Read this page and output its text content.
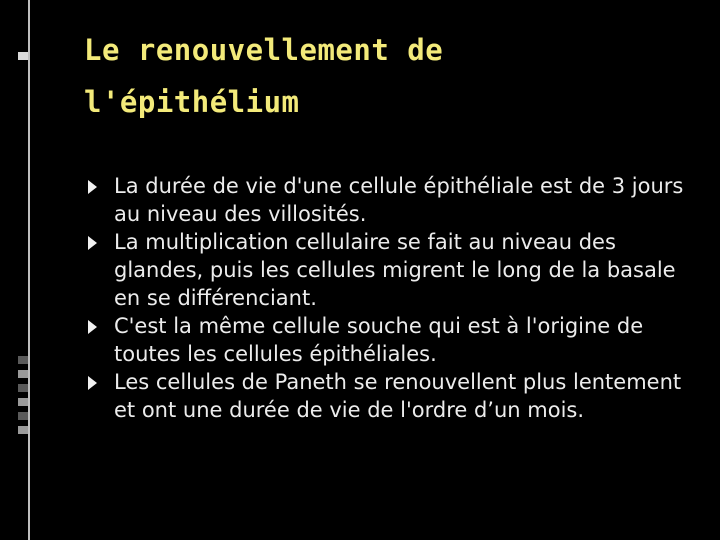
Le renouvellement de
l'épithélium
La durée de vie d'une cellule épithéliale est de 3 jours au niveau des villosités.
La multiplication cellulaire se fait au niveau des glandes, puis les cellules migrent le long de la basale en se différenciant.
C'est la même cellule souche qui est à l'origine de toutes les cellules épithéliales.
Les cellules de Paneth se renouvellent plus lentement et ont une durée de vie de l'ordre d’un mois.
